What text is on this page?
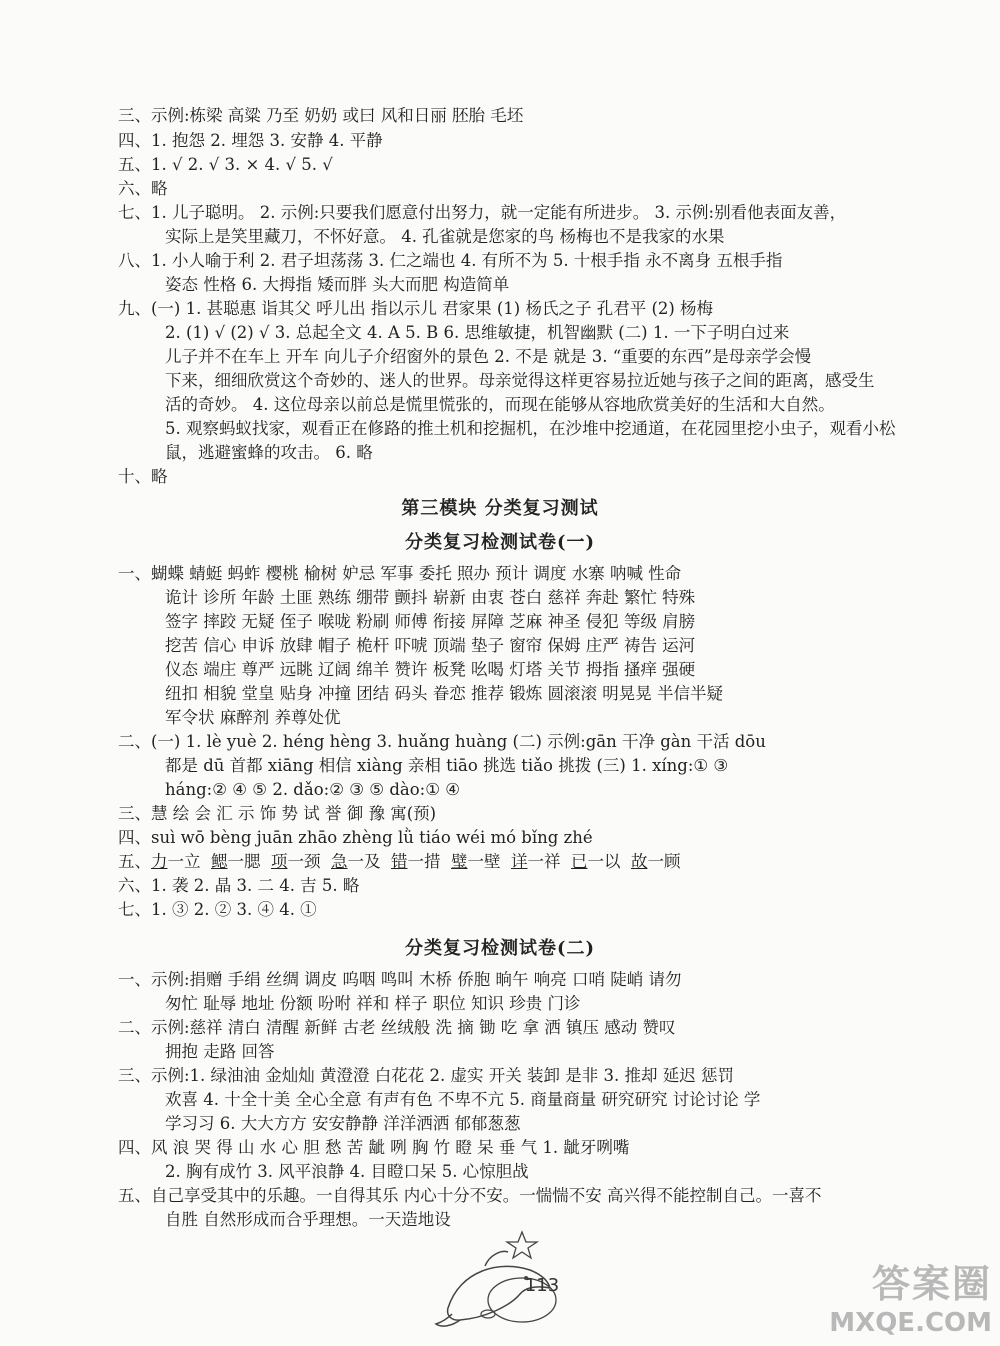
三、示例:栋梁 高粱 乃至 奶奶 或曰 风和日丽 胚胎 毛坯
四、1. 抱怨 2. 埋怨 3. 安静 4. 平静
五、1. √ 2. √ 3. × 4. √ 5. √
六、略
七、1. 儿子聪明。 2. 示例:只要我们愿意付出努力，就一定能有所进步。 3. 示例:别看他表面友善，
实际上是笑里藏刀，不怀好意。 4. 孔雀就是您家的鸟 杨梅也不是我家的水果
八、1. 小人喻于利 2. 君子坦荡荡 3. 仁之端也 4. 有所不为 5. 十根手指 永不离身 五根手指
姿态 性格 6. 大拇指 矮而胖 头大而肥 构造简单
九、(一) 1. 甚聪惠 诣其父 呼儿出 指以示儿 君家果 (1) 杨氏之子 孔君平 (2) 杨梅
2. (1) √ (2) √ 3. 总起全文 4. A 5. B 6. 思维敏捷，机智幽默 (二) 1. 一下子明白过来
儿子并不在车上 开车 向儿子介绍窗外的景色 2. 不是 就是 3. “重要的东西”是母亲学会慢
下来，细细欣赏这个奇妙的、迷人的世界。母亲觉得这样更容易拉近她与孩子之间的距离，感受生
活的奇妙。 4. 这位母亲以前总是慌里慌张的，而现在能够从容地欣赏美好的生活和大自然。
5. 观察蚂蚁找家，观看正在修路的推土机和挖掘机，在沙堆中挖通道，在花园里挖小虫子，观看小松
鼠，逃避蜜蜂的攻击。 6. 略
十、略
第三模块 分类复习测试
分类复习检测试卷(一)
一、蝴蝶 蜻蜓 蚂蚱 樱桃 榆树 妒忌 军事 委托 照办 预计 调度 水寨 呐喊 性命
诡计 诊所 年龄 土匪 熟练 绷带 颤抖 崭新 由衷 苍白 慈祥 奔赴 繁忙 特殊
签字 摔跤 无疑 侄子 喉咙 粉刷 师傅 衔接 屏障 芝麻 神圣 侵犯 等级 肩膀
挖苦 信心 申诉 放肆 帽子 桅杆 吓唬 顶端 垫子 窗帘 保姆 庄严 祷告 运河
仪态 端庄 尊严 远眺 辽阔 绵羊 赞许 板凳 吆喝 灯塔 关节 拇指 搔痒 强硬
纽扣 相貌 堂皇 贴身 冲撞 团结 码头 眷恋 推荐 锻炼 圆滚滚 明晃晃 半信半疑
军令状 麻醉剂 养尊处优
二、(一) 1. lè yuè 2. héng hèng 3. huǎng huàng (二) 示例:gān 干净 gàn 干活 dōu
都是 dū 首都 xiāng 相信 xiàng 亲相 tiāo 挑选 tiǎo 挑拨 (三) 1. xíng:① ③
háng:② ④ ⑤ 2. dǎo:② ③ ⑤ dào:① ④
三、慧 绘 会 汇 示 饰 势 试 誉 御 豫 寓(预)
四、suì wō bèng juān zhāo zhèng lǜ tiáo wéi mó bǐng zhé
五、力一立 鳃一腮 项一颈 急一及 错一措 璧一壁 详一祥 已一以 故一顾
六、1. 袭 2. 晶 3. 二 4. 吉 5. 略
七、1. ③ 2. ② 3. ④ 4. ①
分类复习检测试卷(二)
一、示例:捐赠 手绢 丝绸 调皮 呜咽 鸣叫 木桥 侨胞 晌午 响亮 口哨 陡峭 请勿
匆忙 耻辱 地址 份额 吩咐 祥和 样子 职位 知识 珍贵 门诊
二、示例:慈祥 清白 清醒 新鲜 古老 丝绒般 洗 摘 锄 吃 拿 洒 镇压 感动 赞叹
拥抱 走路 回答
三、示例:1. 绿油油 金灿灿 黄澄澄 白花花 2. 虚实 开关 装卸 是非 3. 推却 延迟 惩罚
欢喜 4. 十全十美 全心全意 有声有色 不卑不亢 5. 商量商量 研究研究 讨论讨论 学
学习习 6. 大大方方 安安静静 洋洋洒洒 郁郁葱葱
四、风 浪 哭 得 山 水 心 胆 愁 苦 龇 咧 胸 竹 瞪 呆 垂 气 1. 龇牙咧嘴
2. 胸有成竹 3. 风平浪静 4. 目瞪口呆 5. 心惊胆战
五、自己享受其中的乐趣。一自得其乐 内心十分不安。一惴惴不安 高兴得不能控制自己。一喜不
自胜 自然形成而合乎理想。一天造地设
113	答案圈
MXQE.COM
